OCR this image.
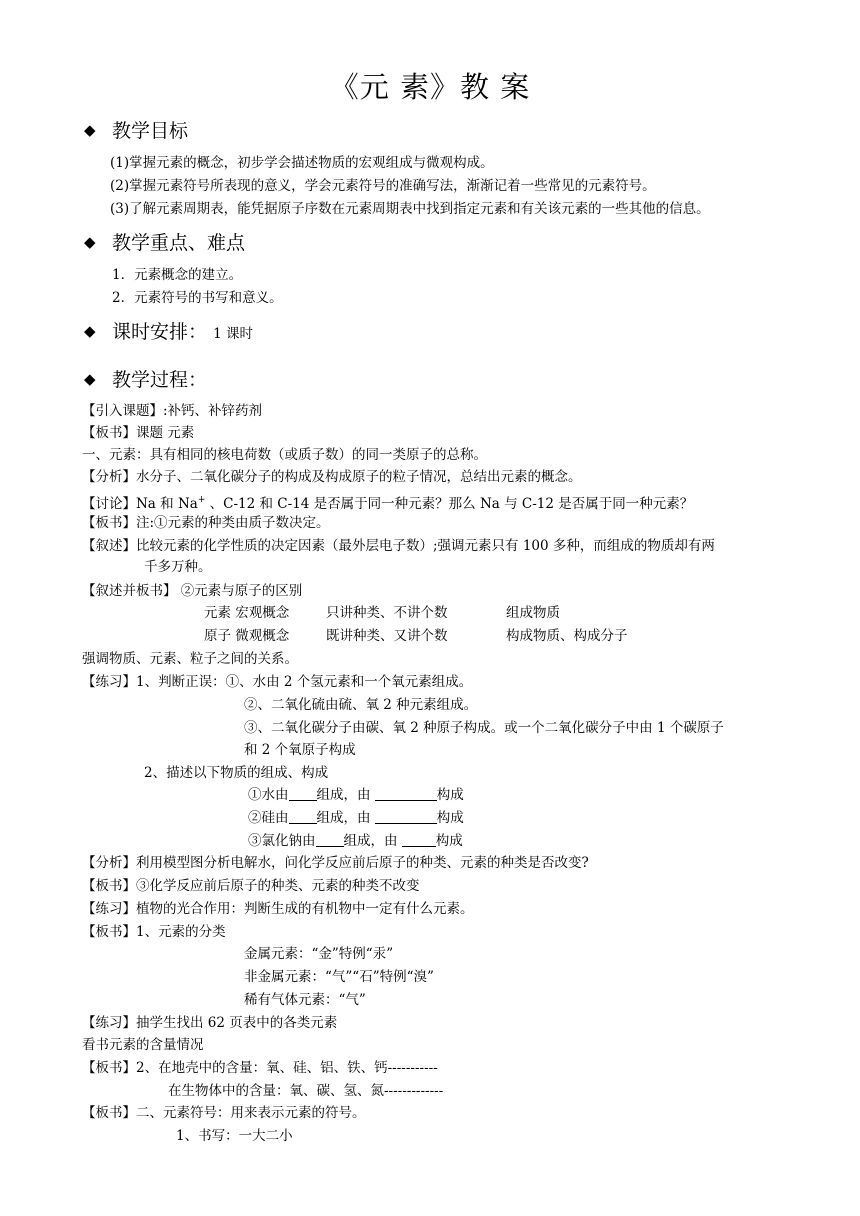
《元 素》教 案
◆ 教学目标
(1)掌握元素的概念，初步学会描述物质的宏观组成与微观构成。
(2)掌握元素符号所表现的意义，学会元素符号的准确写法，渐渐记着一些常见的元素符号。
(3)了解元素周期表，能凭据原子序数在元素周期表中找到指定元素和有关该元素的一些其他的信息。
◆ 教学重点、难点
1．元素概念的建立。
2．元素符号的书写和意义。
◆ 课时安排： 1 课时
◆ 教学过程：
【引入课题】:补钙、补锌药剂
【板书】课题 元素
一、元素：具有相同的核电荷数（或质子数）的同一类原子的总称。
【分析】水分子、二氧化碳分子的构成及构成原子的粒子情况，总结出元素的概念。
【讨论】Na 和 Na+ 、C-12 和 C-14 是否属于同一种元素？那么 Na 与 C-12 是否属于同一种元素？
【板书】注:①元素的种类由质子数决定。
【叙述】比较元素的化学性质的决定因素（最外层电子数）;强调元素只有 100 多种，而组成的物质却有两
千多万种。
【叙述并板书】 ②元素与原子的区别
元素 宏观概念	只讲种类、不讲个数	组成物质
原子 微观概念	既讲种类、又讲个数	构成物质、构成分子
强调物质、元素、粒子之间的关系。
【练习】1、判断正误：①、水由 2 个氢元素和一个氧元素组成。
②、二氧化硫由硫、氧 2 种元素组成。
③、二氧化碳分子由碳、氧 2 种原子构成。或一个二氧化碳分子中由 1 个碳原子
和 2 个氧原子构成
2、描述以下物质的组成、构成
①水由 组成，由	构成
②硅由 组成，由	构成
③氯化钠由 组成，由	构成
【分析】利用模型图分析电解水，问化学反应前后原子的种类、元素的种类是否改变?
【板书】③化学反应前后原子的种类、元素的种类不改变
【练习】植物的光合作用：判断生成的有机物中一定有什么元素。
【板书】1、元素的分类
金属元素：“金”特例“汞”
非金属元素：“气”“石”特例“溴”
稀有气体元素：“气”
【练习】抽学生找出 62 页表中的各类元素
看书元素的含量情况
【板书】2、在地壳中的含量：氧、硅、铝、铁、钙-----------
在生物体中的含量：氧、碳、氢、氮-------------
【板书】二、元素符号：用来表示元素的符号。
1、书写：一大二小
